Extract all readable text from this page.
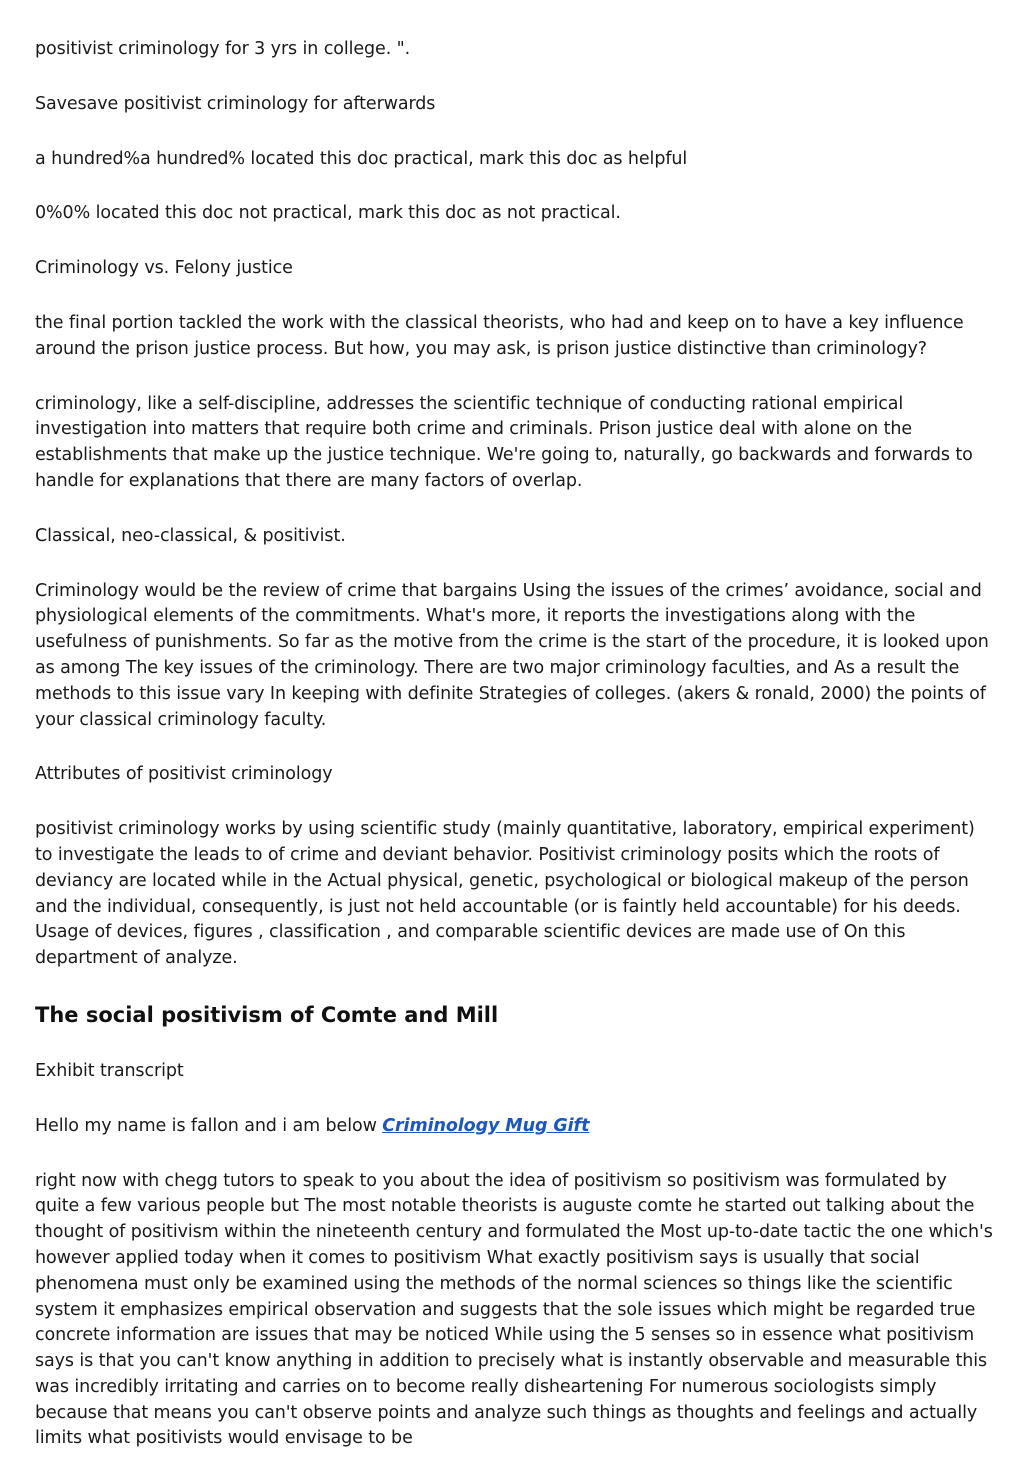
positivist criminology for 3 yrs in college. ".

Savesave positivist criminology for afterwards

a hundred%a hundred% located this doc practical, mark this doc as helpful

0%0% located this doc not practical, mark this doc as not practical.

Criminology vs. Felony justice

the final portion tackled the work with the classical theorists, who had and keep on to have a key influence around the prison justice process. But how, you may ask, is prison justice distinctive than criminology?

criminology, like a self-discipline, addresses the scientific technique of conducting rational empirical investigation into matters that require both crime and criminals. Prison justice deal with alone on the establishments that make up the justice technique. We're going to, naturally, go backwards and forwards to handle for explanations that there are many factors of overlap.

Classical, neo-classical, & positivist.

Criminology would be the review of crime that bargains Using the issues of the crimes’ avoidance, social and physiological elements of the commitments. What's more, it reports the investigations along with the usefulness of punishments. So far as the motive from the crime is the start of the procedure, it is looked upon as among The key issues of the criminology. There are two major criminology faculties, and As a result the methods to this issue vary In keeping with definite Strategies of colleges. (akers & ronald, 2000) the points of your classical criminology faculty.

Attributes of positivist criminology

positivist criminology works by using scientific study (mainly quantitative, laboratory, empirical experiment) to investigate the leads to of crime and deviant behavior. Positivist criminology posits which the roots of deviancy are located while in the Actual physical, genetic, psychological or biological makeup of the person and the individual, consequently, is just not held accountable (or is faintly held accountable) for his deeds. Usage of devices, figures , classification , and comparable scientific devices are made use of On this department of analyze.

The social positivism of Comte and Mill

Exhibit transcript

Hello my name is fallon and i am below Criminology Mug Gift

right now with chegg tutors to speak to you about the idea of positivism so positivism was formulated by quite a few various people but The most notable theorists is auguste comte he started out talking about the thought of positivism within the nineteenth century and formulated the Most up-to-date tactic the one which's however applied today when it comes to positivism What exactly positivism says is usually that social phenomena must only be examined using the methods of the normal sciences so things like the scientific system it emphasizes empirical observation and suggests that the sole issues which might be regarded true concrete information are issues that may be noticed While using the 5 senses so in essence what positivism says is that you can't know anything in addition to precisely what is instantly observable and measurable this was incredibly irritating and carries on to become really disheartening For numerous sociologists simply because that means you can't observe points and analyze such things as thoughts and feelings and actually limits what positivists would envisage to be
